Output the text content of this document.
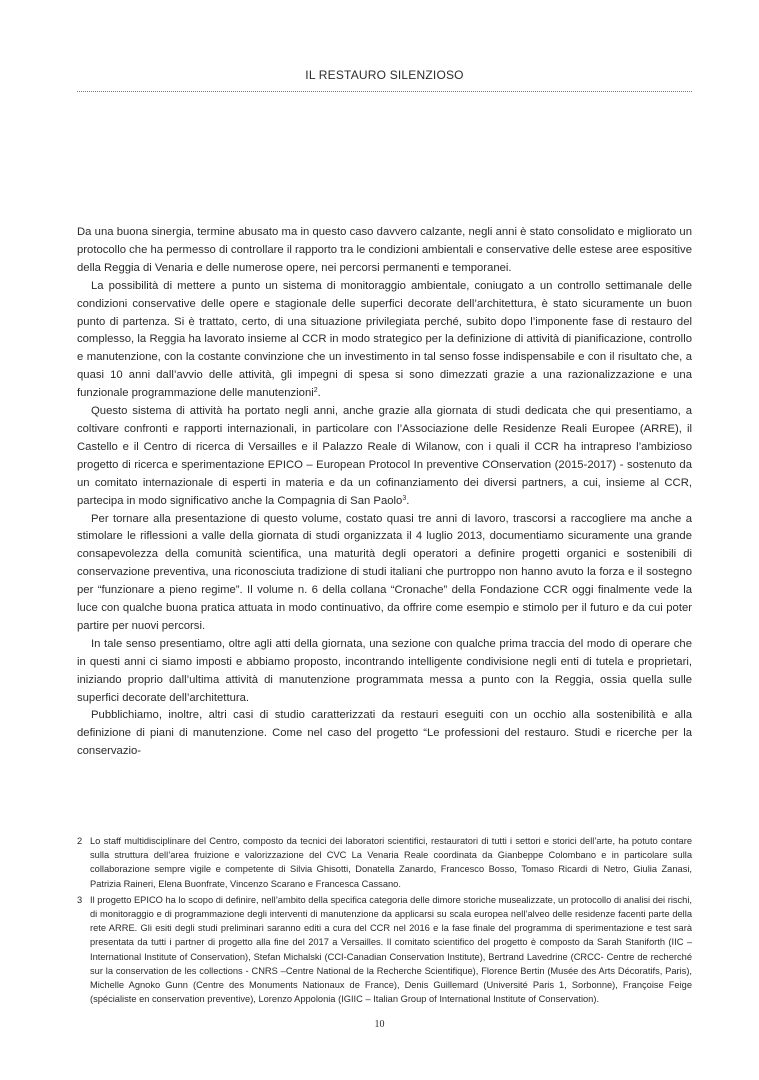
IL RESTAURO SILENZIOSO

Da una buona sinergia, termine abusato ma in questo caso davvero calzante, negli anni è stato consolidato e migliorato un protocollo che ha permesso di controllare il rapporto tra le condizioni ambientali e conservative delle estese aree espositive della Reggia di Venaria e delle numerose opere, nei percorsi permanenti e temporanei.

La possibilità di mettere a punto un sistema di monitoraggio ambientale, coniugato a un controllo settimanale delle condizioni conservative delle opere e stagionale delle superfici decorate dell’architettura, è stato sicuramente un buon punto di partenza. Si è trattato, certo, di una situazione privilegiata perché, subito dopo l’imponente fase di restauro del complesso, la Reggia ha lavorato insieme al CCR in modo strategico per la definizione di attività di pianificazione, controllo e manutenzione, con la costante convinzione che un investimento in tal senso fosse indispensabile e con il risultato che, a quasi 10 anni dall’avvio delle attività, gli impegni di spesa si sono dimezzati grazie a una razionalizzazione e una funzionale programmazione delle manutenzioni$^2$.

Questo sistema di attività ha portato negli anni, anche grazie alla giornata di studi dedicata che qui presentiamo, a coltivare confronti e rapporti internazionali, in particolare con l’Associazione delle Residenze Reali Europee (ARRE), il Castello e il Centro di ricerca di Versailles e il Palazzo Reale di Wilanow, con i quali il CCR ha intrapreso l’ambizioso progetto di ricerca e sperimentazione EPICO – European Protocol In preventive COnservation (2015-2017) - sostenuto da un comitato internazionale di esperti in materia e da un cofinanziamento dei diversi partners, a cui, insieme al CCR, partecipa in modo significativo anche la Compagnia di San Paolo$^3$.

Per tornare alla presentazione di questo volume, costato quasi tre anni di lavoro, trascorsi a raccogliere ma anche a stimolare le riflessioni a valle della giornata di studi organizzata il 4 luglio 2013, documentiamo sicuramente una grande consapevolezza della comunità scientifica, una maturità degli operatori a definire progetti organici e sostenibili di conservazione preventiva, una riconosciuta tradizione di studi italiani che purtroppo non hanno avuto la forza e il sostegno per “funzionare a pieno regime”. Il volume n. 6 della collana “Cronache” della Fondazione CCR oggi finalmente vede la luce con qualche buona pratica attuata in modo continuativo, da offrire come esempio e stimolo per il futuro e da cui poter partire per nuovi percorsi.

In tale senso presentiamo, oltre agli atti della giornata, una sezione con qualche prima traccia del modo di operare che in questi anni ci siamo imposti e abbiamo proposto, incontrando intelligente condivisione negli enti di tutela e proprietari, iniziando proprio dall’ultima attività di manutenzione programmata messa a punto con la Reggia, ossia quella sulle superfici decorate dell’architettura.

Pubblichiamo, inoltre, altri casi di studio caratterizzati da restauri eseguiti con un occhio alla sostenibilità e alla definizione di piani di manutenzione. Come nel caso del progetto “Le professioni del restauro. Studi e ricerche per la conservazio-

2 Lo staff multidisciplinare del Centro, composto da tecnici dei laboratori scientifici, restauratori di tutti i settori e storici dell’arte, ha potuto contare sulla struttura dell’area fruizione e valorizzazione del CVC La Venaria Reale coordinata da Gianbeppe Colombano e in particolare sulla collaborazione sempre vigile e competente di Silvia Ghisotti, Donatella Zanardo, Francesco Bosso, Tomaso Ricardi di Netro, Giulia Zanasi, Patrizia Raineri, Elena Buonfrate, Vincenzo Scarano e Francesca Cassano.
3 Il progetto EPICO ha lo scopo di definire, nell’ambito della specifica categoria delle dimore storiche musealizzate, un protocollo di analisi dei rischi, di monitoraggio e di programmazione degli interventi di manutenzione da applicarsi su scala europea nell’alveo delle residenze facenti parte della rete ARRE. Gli esiti degli studi preliminari saranno editi a cura del CCR nel 2016 e la fase finale del programma di sperimentazione e test sarà presentata da tutti i partner di progetto alla fine del 2017 a Versailles. Il comitato scientifico del progetto è composto da Sarah Staniforth (IIC – International Institute of Conservation), Stefan Michalski (CCI-Canadian Conservation Institute), Bertrand Lavedrine (CRCC- Centre de recherché sur la conservation de les collections - CNRS –Centre National de la Recherche Scientifique), Florence Bertin (Musée des Arts Décoratifs, Paris), Michelle Agnoko Gunn (Centre des Monuments Nationaux de France), Denis Guillemard (Université Paris 1, Sorbonne), Françoise Feige (spécialiste en conservation preventive), Lorenzo Appolonia (IGIIC – Italian Group of International Institute of Conservation).
10
